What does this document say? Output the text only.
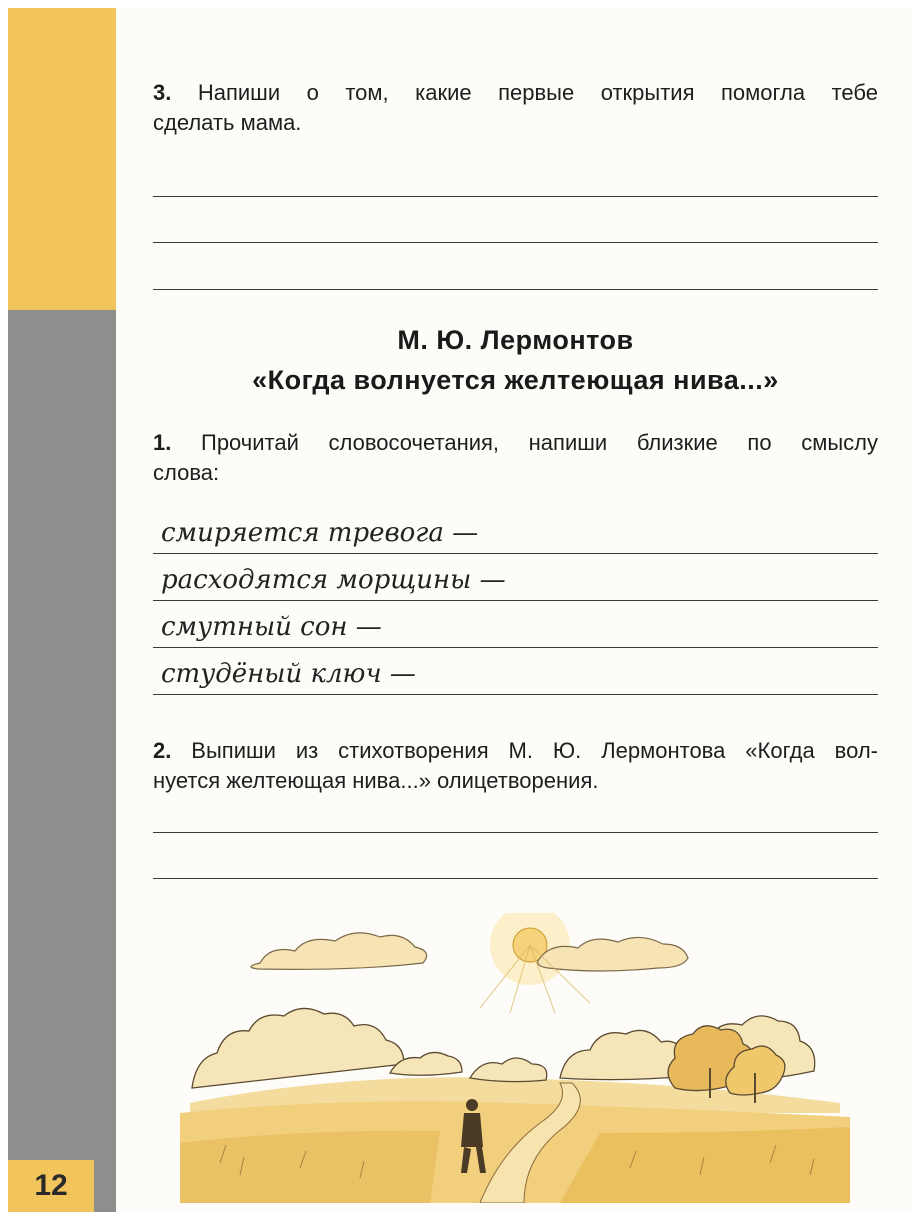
12

3. Напиши о том, какие первые открытия помогла тебе

сделать мама.

М. Ю. Лермонтов

«Когда волнуется желтеющая нива...»

1. Прочитай словосочетания, напиши близкие по смыслу

слова:

смиряется тревога —
расходятся морщины —
смутный сон —
студёный ключ —

2. Выпиши из стихотворения М. Ю. Лермонтова «Когда вол-

нуется желтеющая нива...» олицетворения.
